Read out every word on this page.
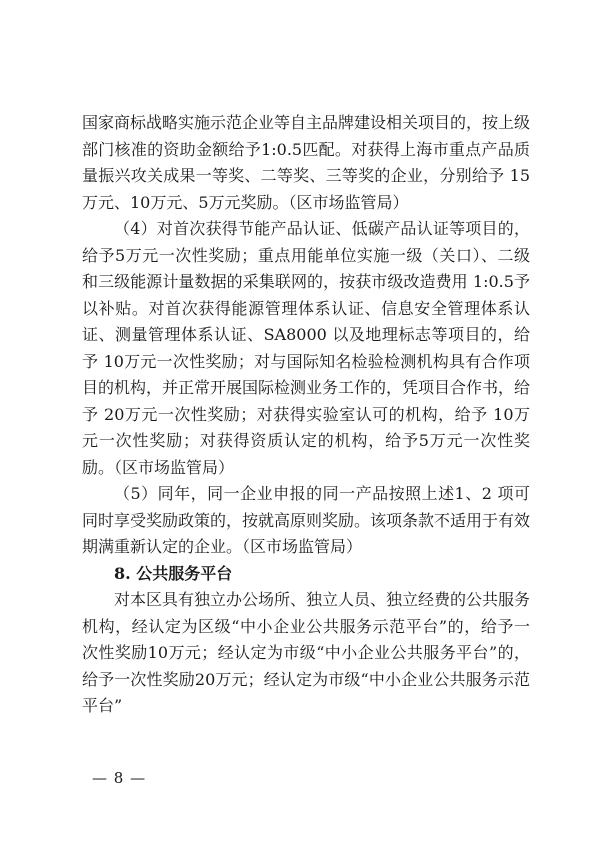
国家商标战略实施示范企业等自主品牌建设相关项目的，按上级部门核准的资助金额给予1:0.5匹配。对获得上海市重点产品质量振兴攻关成果一等奖、二等奖、三等奖的企业，分别给予 15万元、10万元、5万元奖励。（区市场监管局）

（4）对首次获得节能产品认证、低碳产品认证等项目的，给予5万元一次性奖励；重点用能单位实施一级（关口）、二级和三级能源计量数据的采集联网的，按获市级改造费用 1:0.5予以补贴。对首次获得能源管理体系认证、信息安全管理体系认证、测量管理体系认证、SA8000 以及地理标志等项目的，给予 10万元一次性奖励；对与国际知名检验检测机构具有合作项目的机构，并正常开展国际检测业务工作的，凭项目合作书，给予 20万元一次性奖励；对获得实验室认可的机构，给予 10万元一次性奖励；对获得资质认定的机构，给予5万元一次性奖励。（区市场监管局）

（5）同年，同一企业申报的同一产品按照上述1、2 项可同时享受奖励政策的，按就高原则奖励。该项条款不适用于有效期满重新认定的企业。（区市场监管局）

8. 公共服务平台

对本区具有独立办公场所、独立人员、独立经费的公共服务机构，经认定为区级“中小企业公共服务示范平台”的，给予一次性奖励10万元；经认定为市级“中小企业公共服务平台”的，给予一次性奖励20万元；经认定为市级“中小企业公共服务示范平台”

— 8 —
